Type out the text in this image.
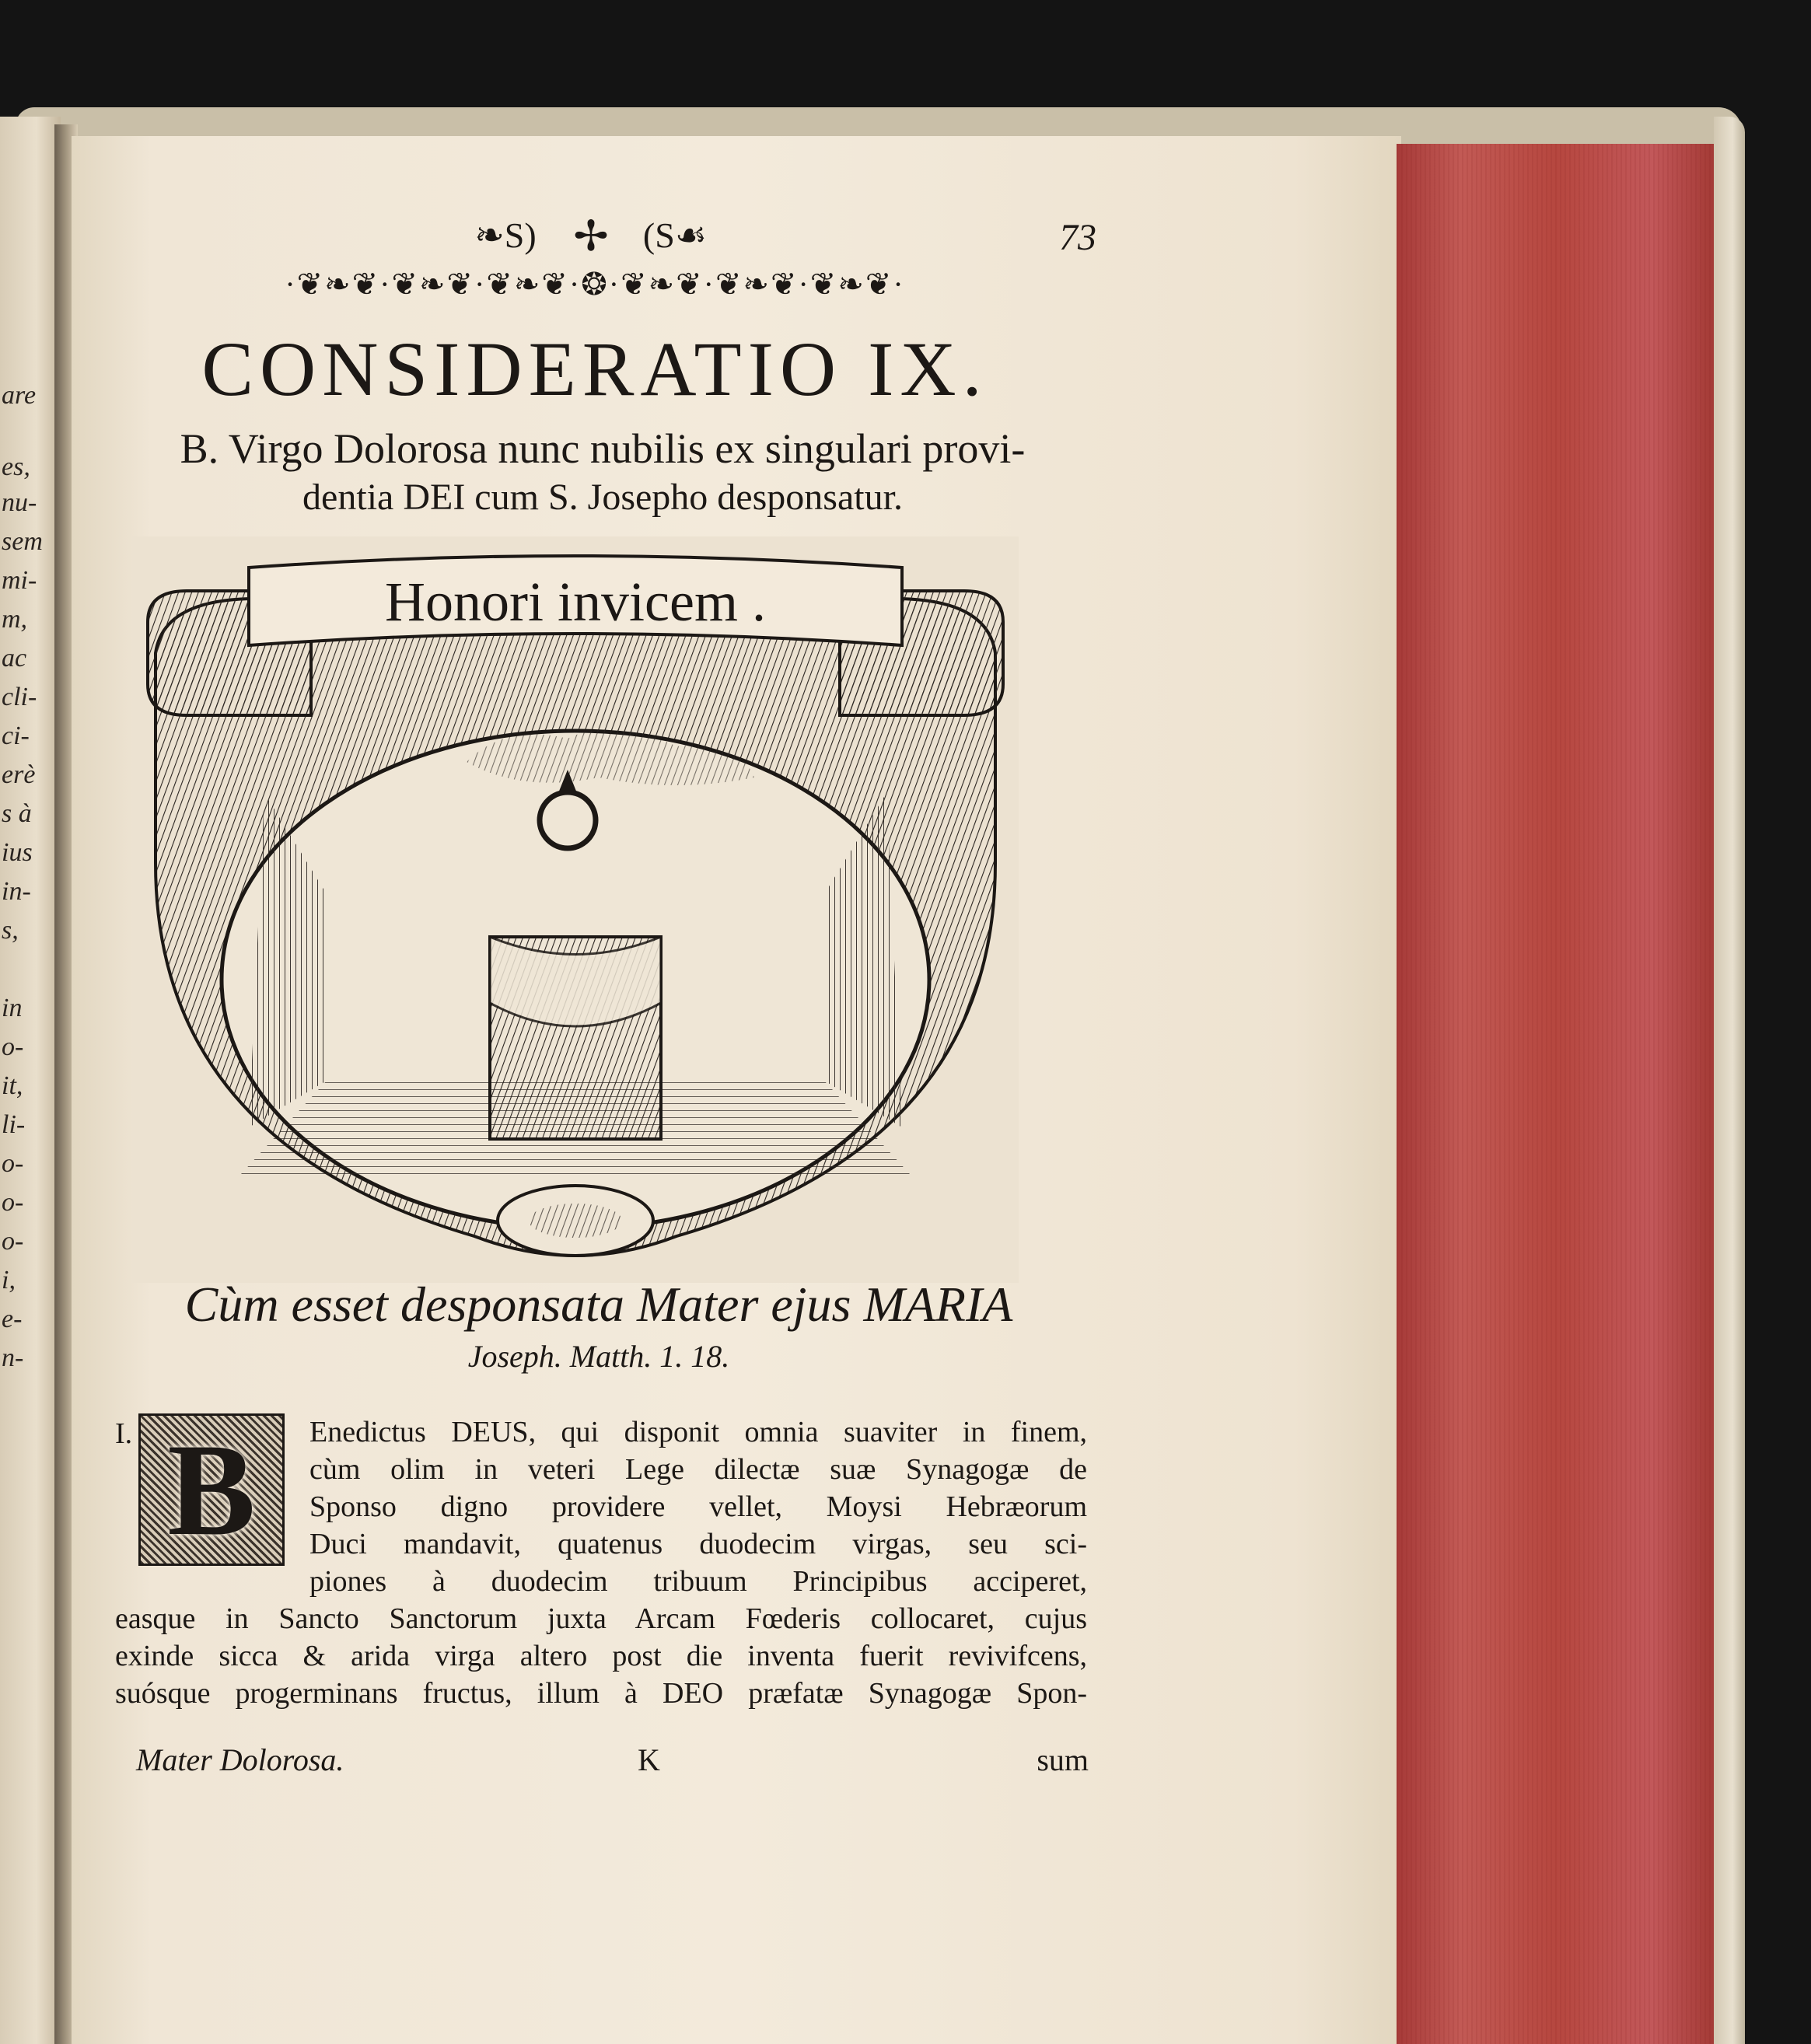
are
es,
nu-
sem
mi-
m,
ac
cli-
ci-
erè
s à
ius
in-
s,
in
o-
it,
li-
o-
o-
o-
i,
e-
n-
❧S) ✢ (S☙	73
·❦❧❦·❦❧❦·❦❧❦·❂·❦❧❦·❦❧❦·❦❧❦·
CONSIDERATIO IX.
B. Virgo Dolorosa nunc nubilis ex singulari provi-
dentia DEI cum S. Josepho desponsatur.
Honori invicem .
Cùm esset desponsata Mater ejus MARIA
Joseph. Matth. 1. 18.
I. B	Enedictus DEUS, qui disponit omnia suaviter in finem,
cùm olim in veteri Lege dilectæ suæ Synagogæ de
Sponso digno providere vellet, Moysi Hebræorum
Duci mandavit, quatenus duodecim virgas, seu sci-
piones à duodecim tribuum Principibus acciperet,
easque in Sancto Sanctorum juxta Arcam Fœderis collocaret, cujus
exinde sicca & arida virga altero post die inventa fuerit revivifcens,
suósque progerminans fructus, illum à DEO præfatæ Synagogæ Spon-
Mater Dolorosa.	K	sum
